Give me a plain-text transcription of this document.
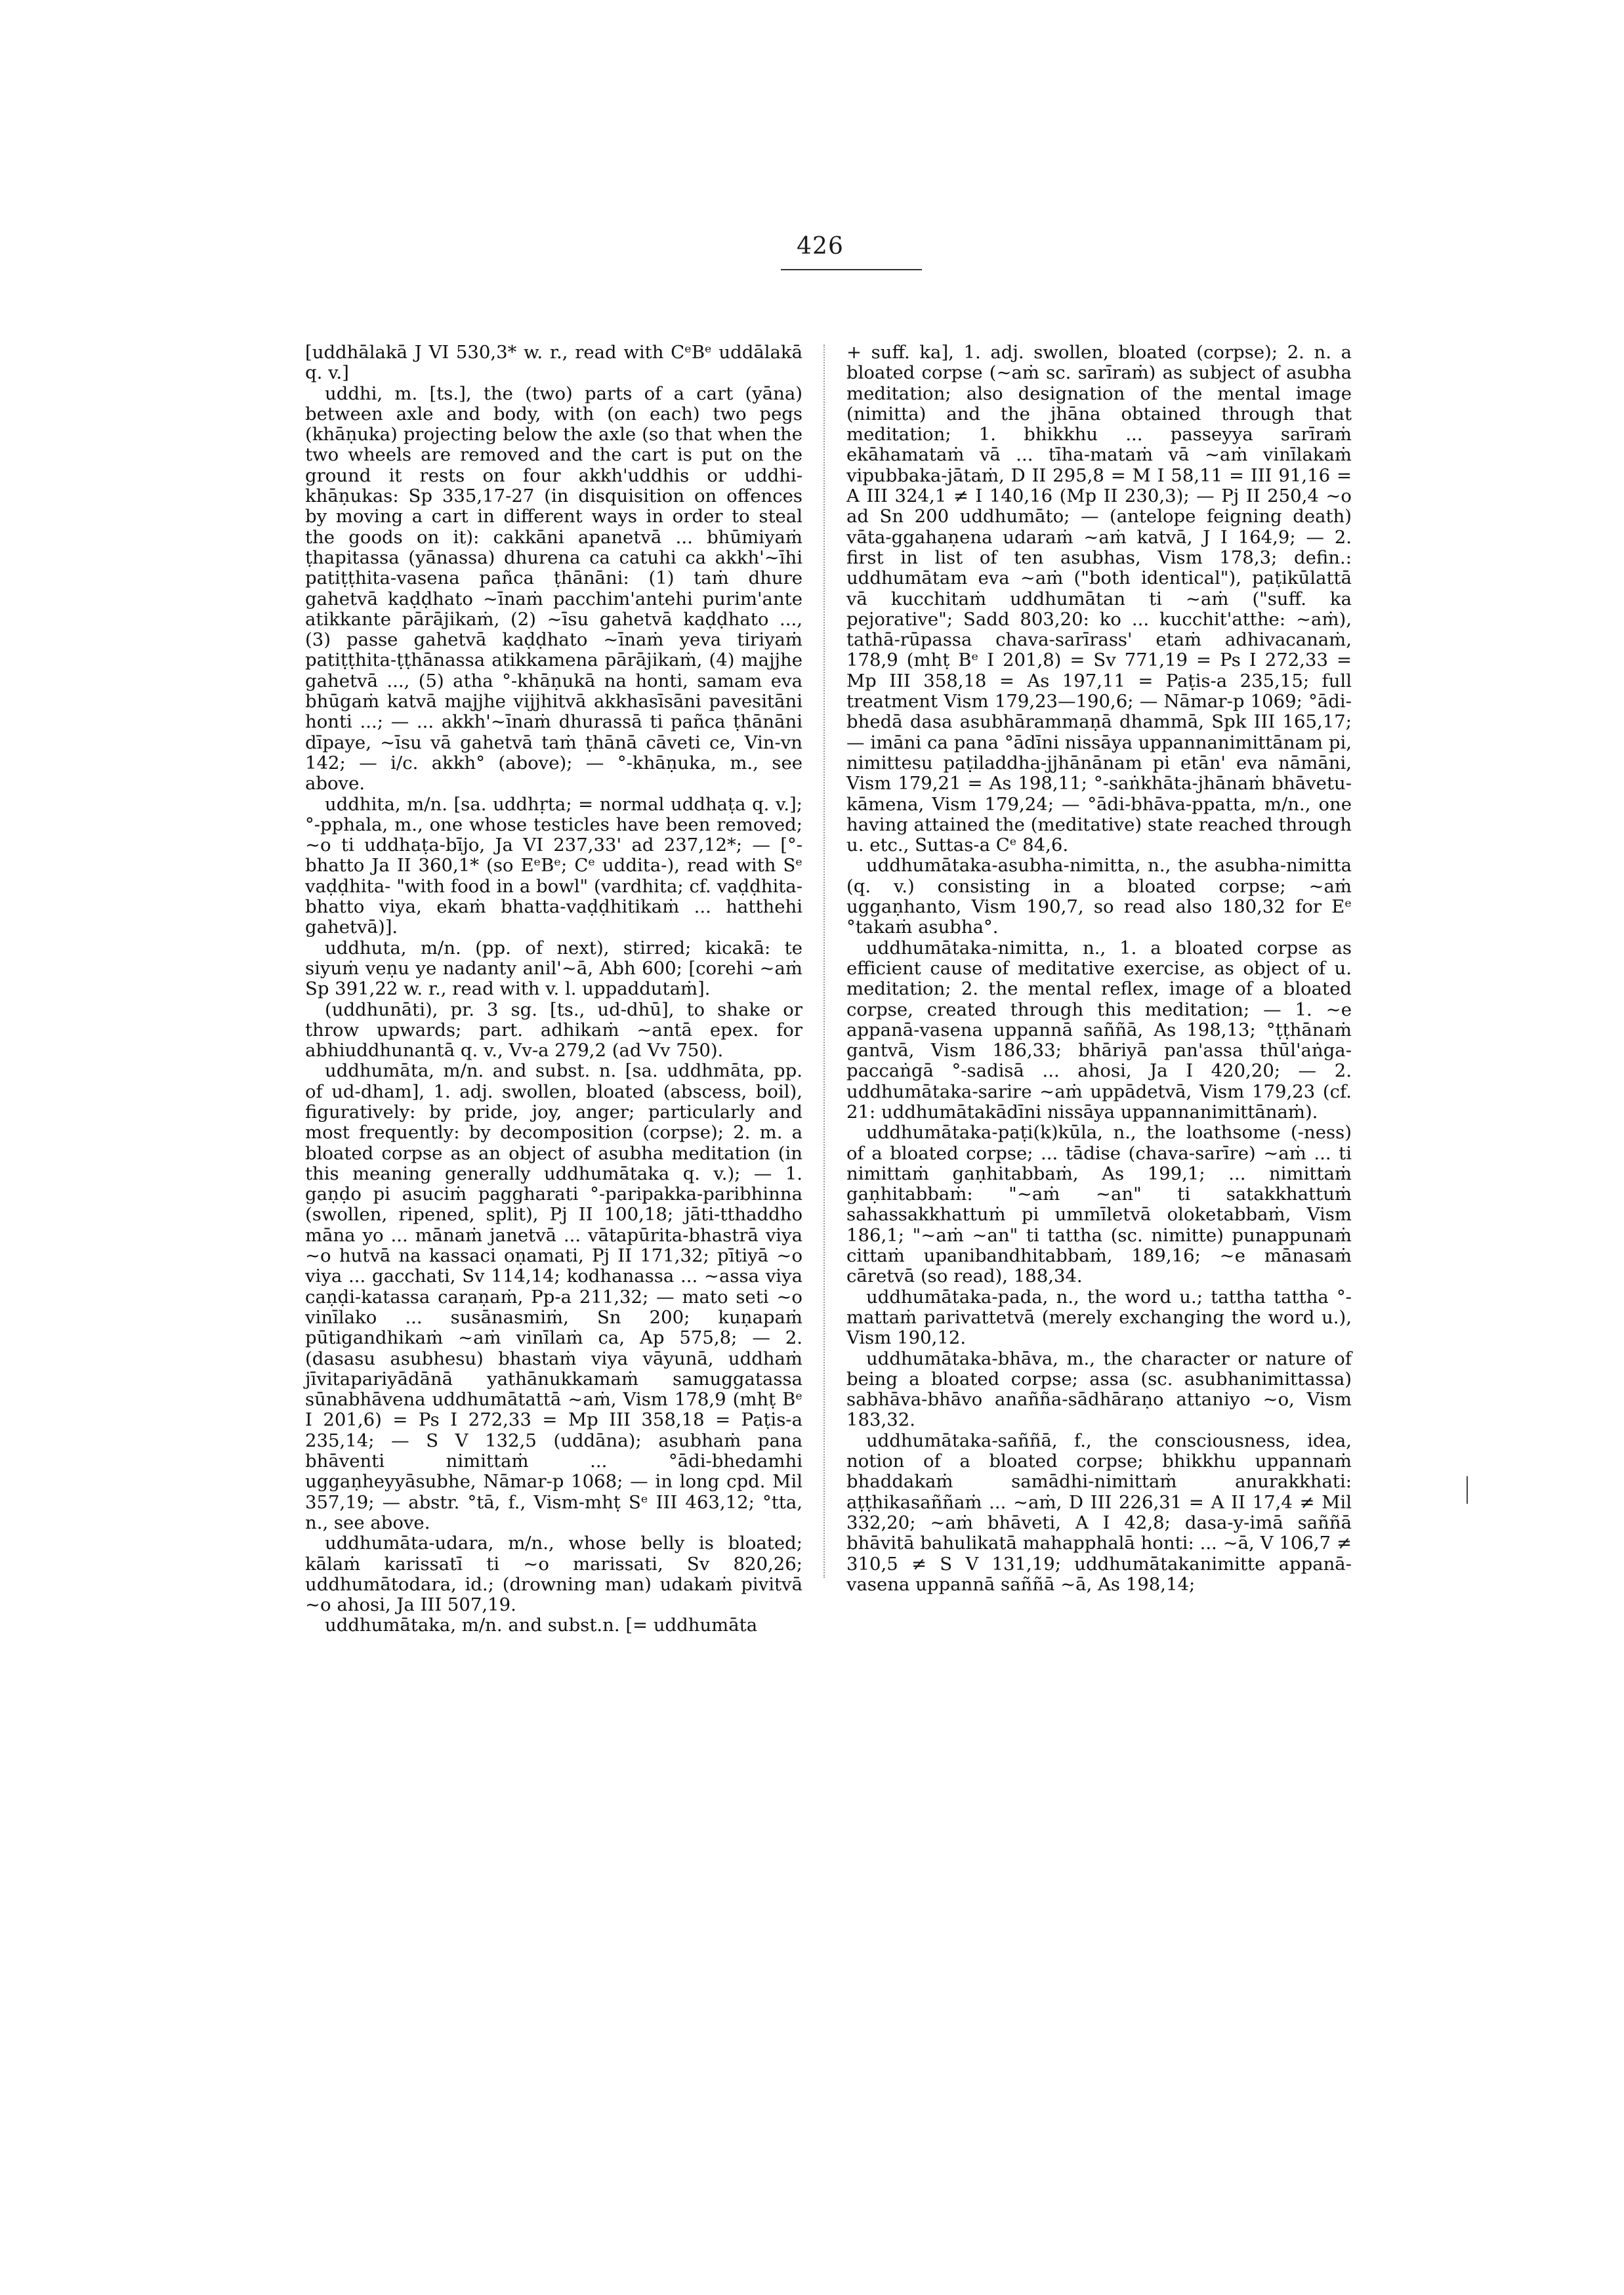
426

[uddhālakā J VI 530,3* w. r., read with CᵉBᵉ uddālakā q. v.]

uddhi, m. [ts.], the (two) parts of a cart (yāna) between axle and body, with (on each) two pegs (khāṇuka) projecting below the axle (so that when the two wheels are removed and the cart is put on the ground it rests on four akkh'uddhis or uddhi-khāṇukas: Sp 335,17-27 (in disquisition on offences by moving a cart in different ways in order to steal the goods on it): cakkāni apanetvā ... bhūmiyaṁ ṭhapitassa (yānassa) dhurena ca catuhi ca akkh'~īhi patiṭṭhita-vasena pañca ṭhānāni: (1) taṁ dhure gahetvā kaḍḍhato ~īnaṁ pacchim'antehi purim'ante atikkante pārājikaṁ, (2) ~īsu gahetvā kaḍḍhato ..., (3) passe gahetvā kaḍḍhato ~īnaṁ yeva tiriyaṁ patiṭṭhita-ṭṭhānassa atikkamena pārājikaṁ, (4) majjhe gahetvā ..., (5) atha °-khāṇukā na honti, samam eva bhūgaṁ katvā majjhe vijjhitvā akkhasīsāni pavesitāni honti ...; — ... akkh'~īnaṁ dhurassā ti pañca ṭhānāni dīpaye, ~īsu vā gahetvā taṁ ṭhānā cāveti ce, Vin-vn 142; — i/c. akkh° (above); — °-khāṇuka, m., see above.

uddhita, m/n. [sa. uddhṛta; = normal uddhaṭa q. v.]; °-pphala, m., one whose testicles have been removed; ~o ti uddhaṭa-bījo, Ja VI 237,33' ad 237,12*; — [°-bhatto Ja II 360,1* (so EᵉBᵉ; Cᵉ uddita-), read with Sᵉ vaḍḍhita- "with food in a bowl" (vardhita; cf. vaḍḍhita-bhatto viya, ekaṁ bhatta-vaḍḍhitikaṁ ... hatthehi gahetvā)].

uddhuta, m/n. (pp. of next), stirred; kicakā: te siyuṁ veṇu ye nadanty anil'~ā, Abh 600; [corehi ~aṁ Sp 391,22 w. r., read with v. l. uppaddutaṁ].

(uddhunāti), pr. 3 sg. [ts., ud-dhū], to shake or throw upwards; part. adhikaṁ ~antā epex. for abhiuddhunantā q. v., Vv-a 279,2 (ad Vv 750).

uddhumāta, m/n. and subst. n. [sa. uddhmāta, pp. of ud-dham], 1. adj. swollen, bloated (abscess, boil), figuratively: by pride, joy, anger; particularly and most frequently: by decomposition (corpse); 2. m. a bloated corpse as an object of asubha meditation (in this meaning generally uddhumātaka q. v.); — 1. gaṇḍo pi asuciṁ paggharati °-paripakka-paribhinna (swollen, ripened, split), Pj II 100,18; jāti-tthaddho māna yo ... mānaṁ janetvā ... vātapūrita-bhastrā viya ~o hutvā na kassaci oṇamati, Pj II 171,32; pītiyā ~o viya ... gacchati, Sv 114,14; kodhanassa ... ~assa viya caṇḍi-katassa caraṇaṁ, Pp-a 211,32; — mato seti ~o vinīlako ... susānasmiṁ, Sn 200; kuṇapaṁ pūtigandhikaṁ ~aṁ vinīlaṁ ca, Ap 575,8; — 2. (dasasu asubhesu) bhastaṁ viya vāyunā, uddhaṁ jīvitapariyādānā yathānukkamaṁ samuggatassa sūnabhāvena uddhumātattā ~aṁ, Vism 178,9 (mhṭ Bᵉ I 201,6) = Ps I 272,33 = Mp III 358,18 = Paṭis-a 235,14; — S V 132,5 (uddāna); asubhaṁ pana bhāventi nimittaṁ ... °ādi-bhedamhi uggaṇheyyāsubhe, Nāmar-p 1068; — in long cpd. Mil 357,19; — abstr. °tā, f., Vism-mhṭ Sᵉ III 463,12; °tta, n., see above.

uddhumāta-udara, m/n., whose belly is bloated; kālaṁ karissatī ti ~o marissati, Sv 820,26; uddhumātodara, id.; (drowning man) udakaṁ pivitvā ~o ahosi, Ja III 507,19.

uddhumātaka, m/n. and subst.n. [= uddhumāta

+ suff. ka], 1. adj. swollen, bloated (corpse); 2. n. a bloated corpse (~aṁ sc. sarīraṁ) as subject of asubha meditation; also designation of the mental image (nimitta) and the jhāna obtained through that meditation; 1. bhikkhu ... passeyya sarīraṁ ekāhamataṁ vā ... tīha-mataṁ vā ~aṁ vinīlakaṁ vipubbaka-jātaṁ, D II 295,8 = M I 58,11 = III 91,16 = A III 324,1 ≠ I 140,16 (Mp II 230,3); — Pj II 250,4 ~o ad Sn 200 uddhumāto; — (antelope feigning death) vāta-ggahaṇena udaraṁ ~aṁ katvā, J I 164,9; — 2. first in list of ten asubhas, Vism 178,3; defin.: uddhumātam eva ~aṁ ("both identical"), paṭikūlattā vā kucchitaṁ uddhumātan ti ~aṁ ("suff. ka pejorative"; Sadd 803,20: ko ... kucchit'atthe: ~aṁ), tathā-rūpassa chava-sarīrass' etaṁ adhivacanaṁ, 178,9 (mhṭ Bᵉ I 201,8) = Sv 771,19 = Ps I 272,33 = Mp III 358,18 = As 197,11 = Paṭis-a 235,15; full treatment Vism 179,23—190,6; — Nāmar-p 1069; °ādi-bhedā dasa asubhārammaṇā dhammā, Spk III 165,17; — imāni ca pana °ādīni nissāya uppannanimittānam pi, nimittesu paṭiladdha-jjhānānam pi etān' eva nāmāni, Vism 179,21 = As 198,11; °-saṅkhāta-jhānaṁ bhāvetu-kāmena, Vism 179,24; — °ādi-bhāva-ppatta, m/n., one having attained the (meditative) state reached through u. etc., Suttas-a Cᵉ 84,6.

uddhumātaka-asubha-nimitta, n., the asubha-nimitta (q. v.) consisting in a bloated corpse; ~aṁ uggaṇhanto, Vism 190,7, so read also 180,32 for Eᵉ °takaṁ asubha°.

uddhumātaka-nimitta, n., 1. a bloated corpse as efficient cause of meditative exercise, as object of u. meditation; 2. the mental reflex, image of a bloated corpse, created through this meditation; — 1. ~e appanā-vasena uppannā saññā, As 198,13; °ṭṭhānaṁ gantvā, Vism 186,33; bhāriyā pan'assa thūl'aṅga-paccaṅgā °-sadisā ... ahosi, Ja I 420,20; — 2. uddhumātaka-sarire ~aṁ uppādetvā, Vism 179,23 (cf. 21: uddhumātakādīni nissāya uppannanimittānaṁ).

uddhumātaka-paṭi(k)kūla, n., the loathsome (-ness) of a bloated corpse; ... tādise (chava-sarīre) ~aṁ ... ti nimittaṁ gaṇhitabbaṁ, As 199,1; ... nimittaṁ gaṇhitabbaṁ: "~aṁ ~an" ti satakkhattuṁ sahassakkhattuṁ pi ummīletvā oloketabbaṁ, Vism 186,1; "~aṁ ~an" ti tattha (sc. nimitte) punappunaṁ cittaṁ upanibandhitabbaṁ, 189,16; ~e mānasaṁ cāretvā (so read), 188,34.

uddhumātaka-pada, n., the word u.; tattha tattha °-mattaṁ parivattetvā (merely exchanging the word u.), Vism 190,12.

uddhumātaka-bhāva, m., the character or nature of being a bloated corpse; assa (sc. asubhanimittassa) sabhāva-bhāvo anañña-sādhāraṇo attaniyo ~o, Vism 183,32.

uddhumātaka-saññā, f., the consciousness, idea, notion of a bloated corpse; bhikkhu uppannaṁ bhaddakaṁ samādhi-nimittaṁ anurakkhati: aṭṭhikasaññaṁ ... ~aṁ, D III 226,31 = A II 17,4 ≠ Mil 332,20; ~aṁ bhāveti, A I 42,8; dasa-y-imā saññā bhāvitā bahulikatā mahapphalā honti: ... ~ā, V 106,7 ≠ 310,5 ≠ S V 131,19; uddhumātakanimitte appanā-vasena uppannā saññā ~ā, As 198,14;
